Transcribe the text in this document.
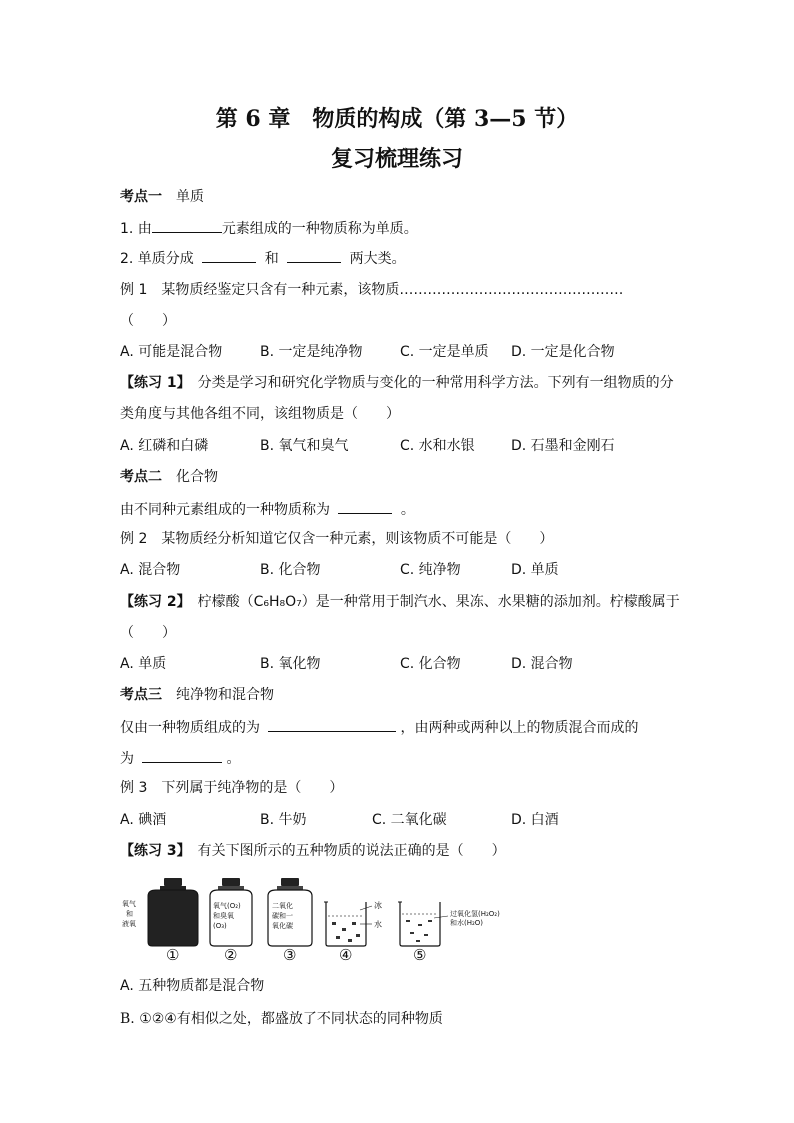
第 6 章　物质的构成（第 3—5 节）
复习梳理练习
考点一　 单质
1. 由	元素组成的一种物质称为单质。
2. 单质分成	和	两大类。
例 1　某物质经鉴定只含有一种元素，该物质…………………………………………
（　　）
A. 可能是混合物	B. 一定是纯净物	C. 一定是单质 D. 一定是化合物
【练习 1】　分类是学习和研究化学物质与变化的一种常用科学方法。下列有一组物质的分
类角度与其他各组不同，该组物质是（　　）
A. 红磷和白磷	B. 氧气和臭气	C. 水和水银	D. 石墨和金刚石
考点二　 化合物
由不同种元素组成的一种物质称为	。
例 2　某物质经分析知道它仅含一种元素，则该物质不可能是（　　）
A. 混合物	B. 化合物	C. 纯净物	D. 单质
【练习 2】　柠檬酸（C₆H₈O₇）是一种常用于制汽水、果冻、水果糖的添加剂。柠檬酸属于
（　　）
A. 单质	B. 氧化物	C. 化合物	D. 混合物
考点三　 纯净物和混合物
仅由一种物质组成的为	，由两种或两种以上的物质混合而成的
为	。
例 3　下列属于纯净物的是（　　）
A. 碘酒	B. 牛奶	C. 二氧化碳	D. 白酒
【练习 3】　有关下图所示的五种物质的说法正确的是（　　）
氧气
和
液氧
氧气(O₂)
和臭氧
(O₃)
二氧化
碳和一
氧化碳
冰
水
过氧化氢(H₂O₂)
和水(H₂O)
①	②	③	④	⑤
A. 五种物质都是混合物
B. ①②④有相似之处，都盛放了不同状态的同种物质
